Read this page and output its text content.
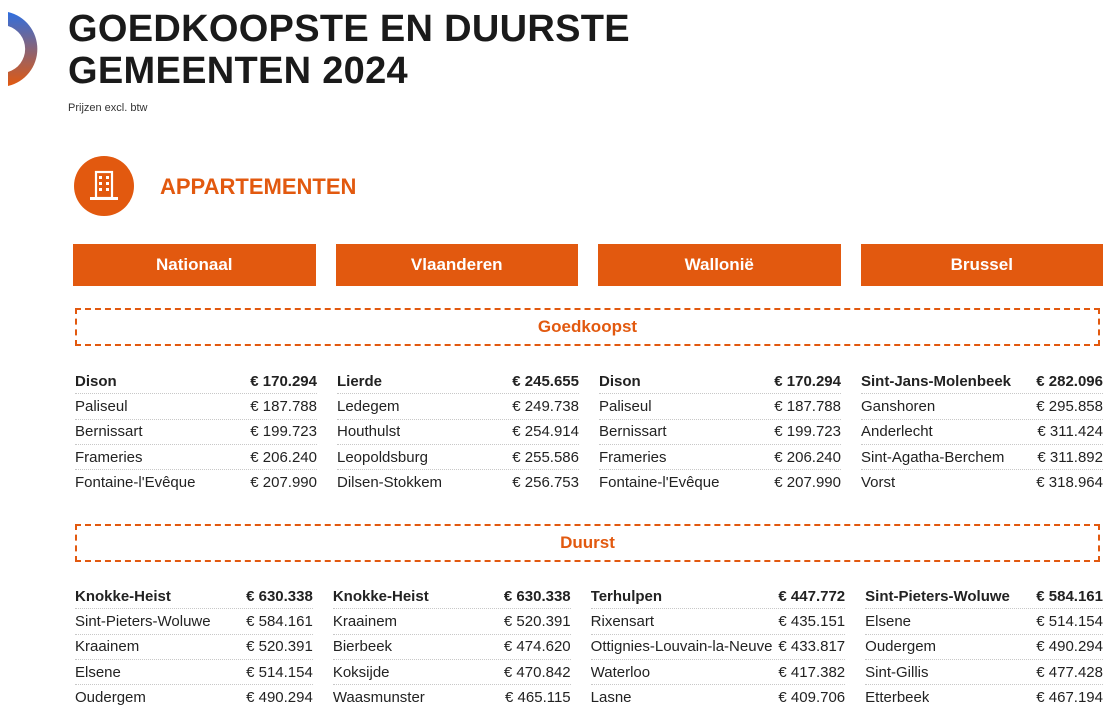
GOEDKOOPSTE EN DUURSTE
GEMEENTEN 2024
Prijzen excl. btw
APPARTEMENTEN
Nationaal	Vlaanderen	Wallonië	Brussel
Goedkoopst
Dison	€ 170.294
Paliseul	€ 187.788
Bernissart	€ 199.723
Frameries	€ 206.240
Fontaine-l'Evêque	€ 207.990
Lierde	€ 245.655
Ledegem	€ 249.738
Houthulst	€ 254.914
Leopoldsburg	€ 255.586
Dilsen-Stokkem	€ 256.753
Dison	€ 170.294
Paliseul	€ 187.788
Bernissart	€ 199.723
Frameries	€ 206.240
Fontaine-l'Evêque	€ 207.990
Sint-Jans-Molenbeek	€ 282.096
Ganshoren	€ 295.858
Anderlecht	€ 311.424
Sint-Agatha-Berchem	€ 311.892
Vorst	€ 318.964
Duurst
Knokke-Heist	€ 630.338
Sint-Pieters-Woluwe	€ 584.161
Kraainem	€ 520.391
Elsene	€ 514.154
Oudergem	€ 490.294
Knokke-Heist	€ 630.338
Kraainem	€ 520.391
Bierbeek	€ 474.620
Koksijde	€ 470.842
Waasmunster	€ 465.115
Terhulpen	€ 447.772
Rixensart	€ 435.151
Ottignies-Louvain-la-Neuve € 433.817
Waterloo	€ 417.382
Lasne	€ 409.706
Sint-Pieters-Woluwe	€ 584.161
Elsene	€ 514.154
Oudergem	€ 490.294
Sint-Gillis	€ 477.428
Etterbeek	€ 467.194
